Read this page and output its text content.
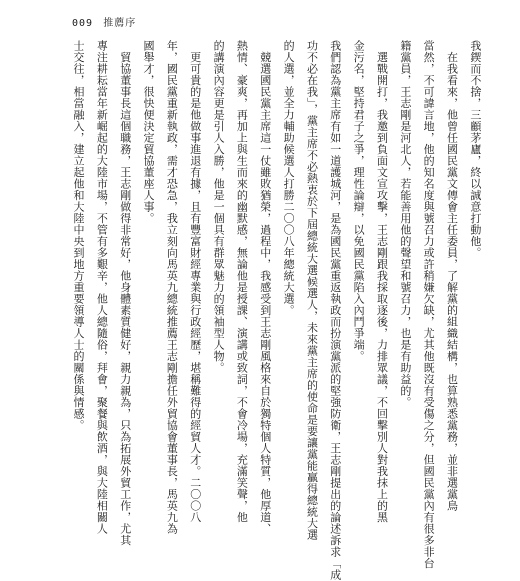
009 推薦序
我鍥而不捨，三顧茅廬，終以誠意打動他。
　在我看來，他曾任國民黨文傳會主任委員，了解黨的組織結構，也算熟悉黨務，並非選黨鳥
當然，不可諱言地，他的知名度與號召力或許稍嫌欠缺，尤其他既沒有受傷之分，但國民黨內有很多非台
籍黨員，王志剛是河北人，若能善用他的聲望和號召力，也是有助益的。
　選戰開打，我邀到負面文宣攻擊，王志剛跟我採取逐後，力排眾議，不回擊別人對我抹上的黑
金污名，堅持君子之爭，理性論辯，以免國民黨陷入內鬥爭端。
我們認為黨主席有如一道護城河，是為國民黨重返執政而扮演黨派的堅強防衛，王志剛提出的論述訴求「成
功不必在我」，黨主席不必熱衷於下屆總統大選候選人，未來黨主席的使命是要讓黨能贏得總統大選
的人選，並全力輔助候選人打勝二〇〇八年總統大選。
　競選國民黨主席這一仗雖敗猶榮，過程中，我感受到王志剛風格來自於獨特個人特質，他厚道、
熱情、豪爽，再加上與生而來的幽默感，無論他是授課、演講或致詞，不會冷場，充滿笑聲，他
的講演內容更是引人入勝，他是一個具有群眾魅力的領袖型人物。
　更可貴的是他做事進退有據，且有豐富財經專業與行政經歷，堪稱難得的經貿人才。二〇〇八
年，國民黨重新執政，需才恐急，我立刻向馬英九總統推薦王志剛擔任外貿協會董事長，馬英九為
國舉才，很快便決定貿協董座人事。
　貿協董事長這個職務，王志剛做得非常好，他身體素質健好，親力親為，只為拓展外貿工作，尤其
專注耕耘當年新崛起的大陸市場，不管有多艱辛，他人總隨俗，拜會，聚餐與飲酒，與大陸相關人
士交往，相當融入，建立起他和大陸中央到地方重要領導人士的關係與情感。
